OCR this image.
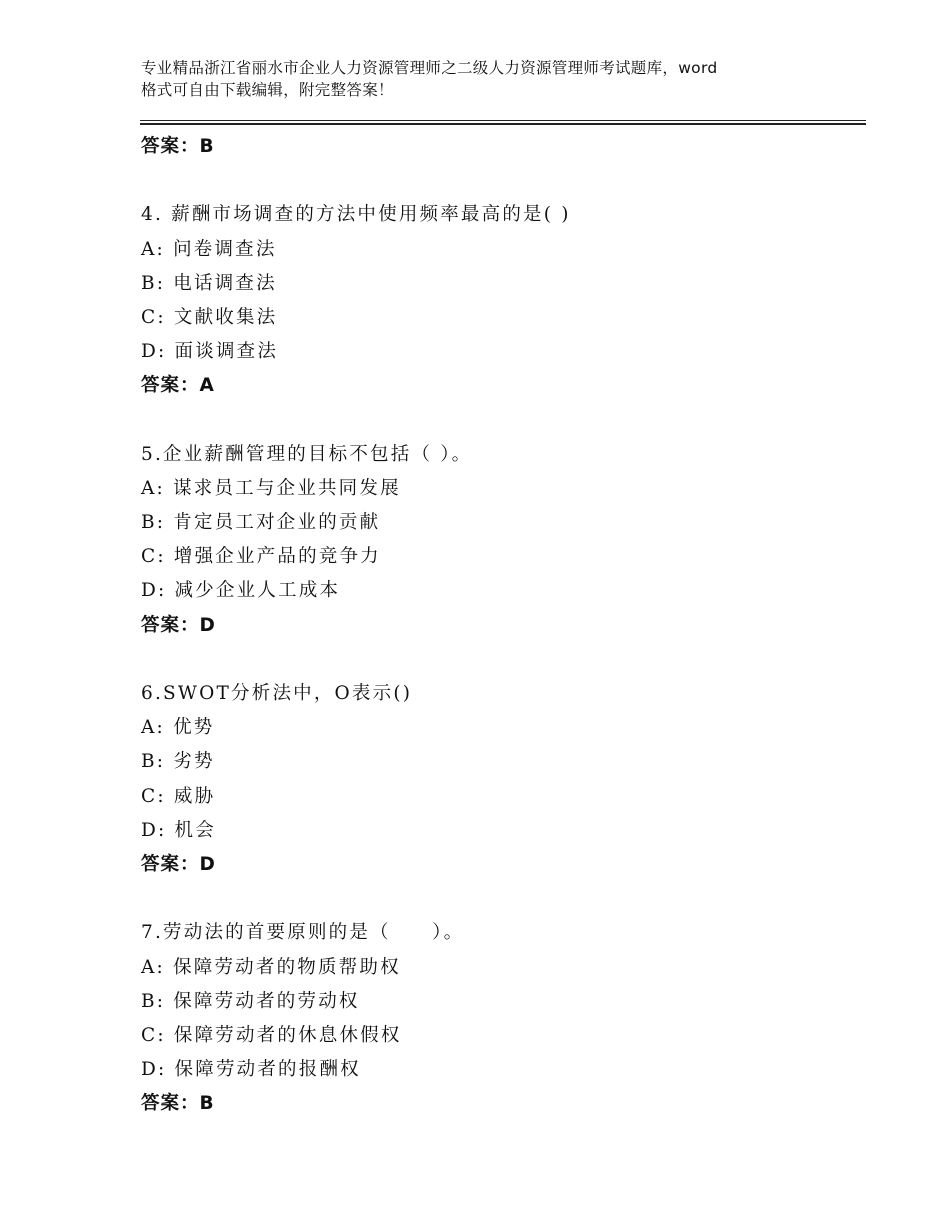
专业精品浙江省丽水市企业人力资源管理师之二级人力资源管理师考试题库，word
格式可自由下载编辑，附完整答案！
答案：B
4. 薪酬市场调查的方法中使用频率最高的是( )
A: 问卷调查法
B: 电话调查法
C: 文献收集法
D: 面谈调查法
答案：A
5.企业薪酬管理的目标不包括（ ）。
A: 谋求员工与企业共同发展
B: 肯定员工对企业的贡献
C: 增强企业产品的竞争力
D: 减少企业人工成本
答案：D
6.SWOT分析法中，O表示()
A: 优势
B: 劣势
C: 威胁
D: 机会
答案：D
7.劳动法的首要原则的是（　　）。
A: 保障劳动者的物质帮助权
B: 保障劳动者的劳动权
C: 保障劳动者的休息休假权
D: 保障劳动者的报酬权
答案：B
